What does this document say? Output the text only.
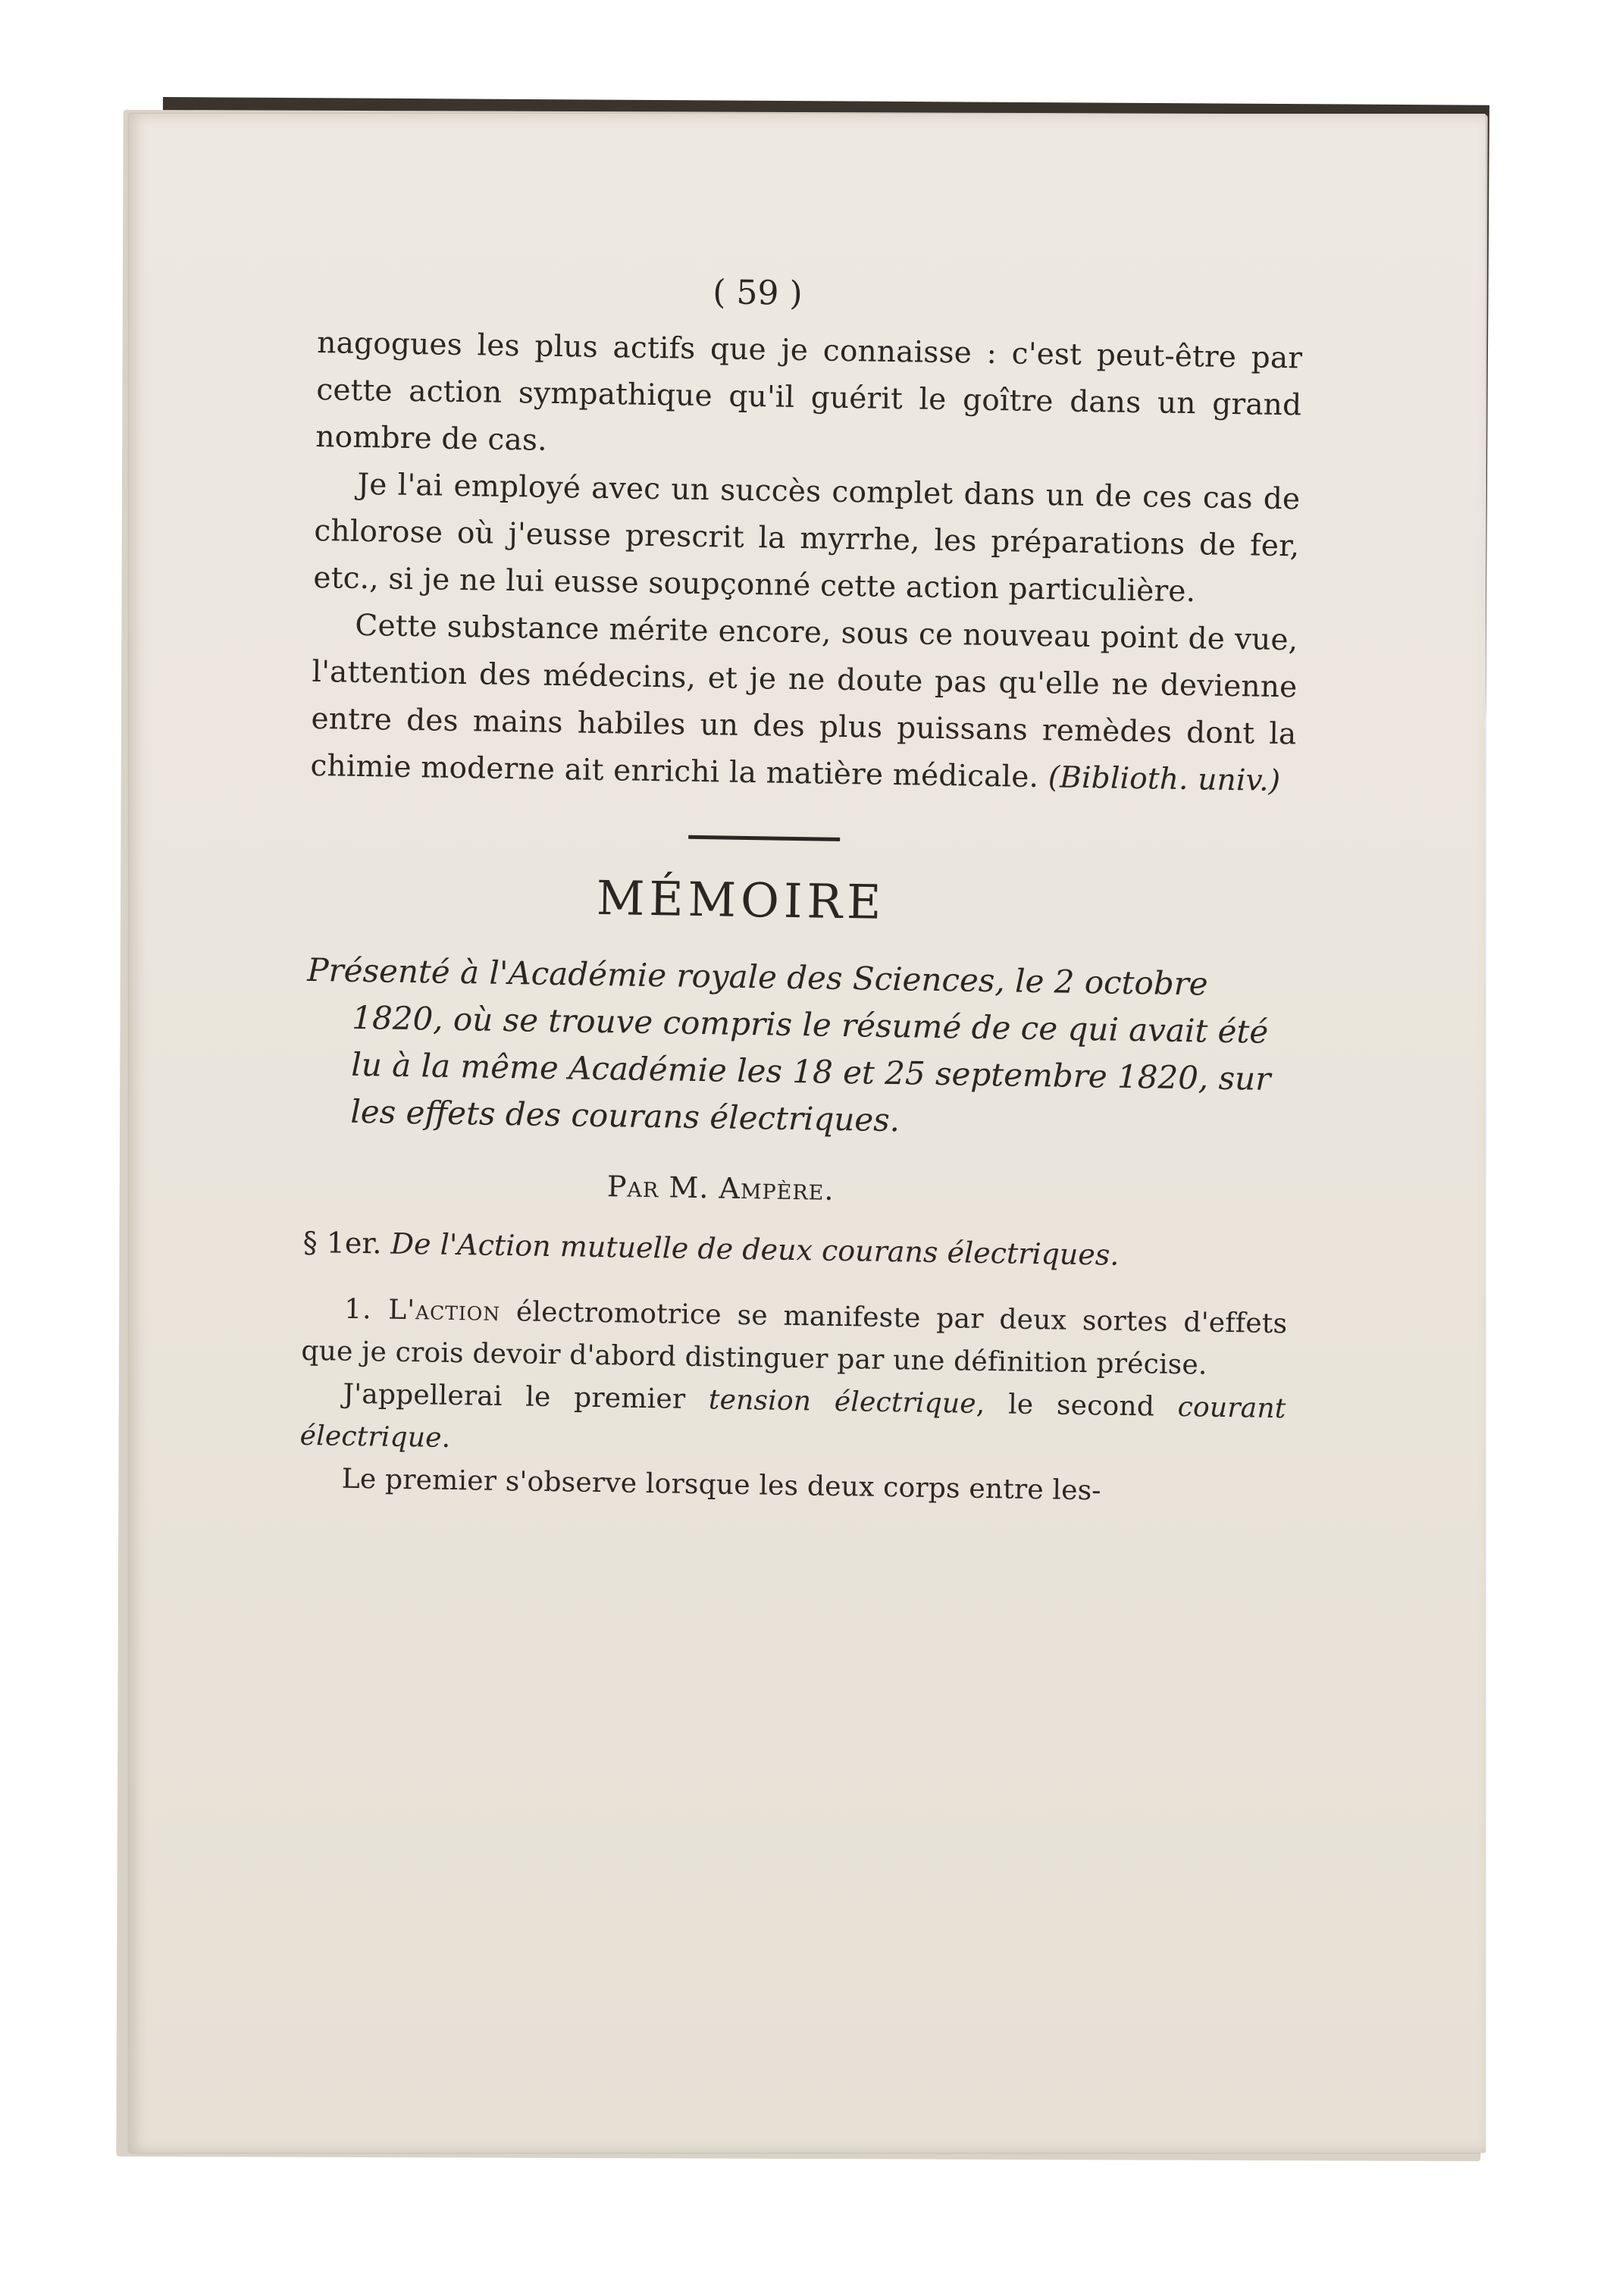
( 59 )

nagogues les plus actifs que je connaisse : c'est peut-être par cette action sympathique qu'il guérit le goître dans un grand nombre de cas.

Je l'ai employé avec un succès complet dans un de ces cas de chlorose où j'eusse prescrit la myrrhe, les préparations de fer, etc., si je ne lui eusse soupçonné cette action particulière.

Cette substance mérite encore, sous ce nouveau point de vue, l'attention des médecins, et je ne doute pas qu'elle ne devienne entre des mains habiles un des plus puissans remèdes dont la chimie moderne ait enrichi la matière médicale. (Biblioth. univ.)

MÉMOIRE

Présenté à l'Académie royale des Sciences, le 2 octobre 1820, où se trouve compris le résumé de ce qui avait été lu à la même Académie les 18 et 25 septembre 1820, sur les effets des courans électriques.

Par M. Ampère.
§ 1er. De l'Action mutuelle de deux courans électriques.

1. L'action électromotrice se manifeste par deux sortes d'effets que je crois devoir d'abord distinguer par une définition précise.

J'appellerai le premier tension électrique, le second courant électrique.

Le premier s'observe lorsque les deux corps entre les-
